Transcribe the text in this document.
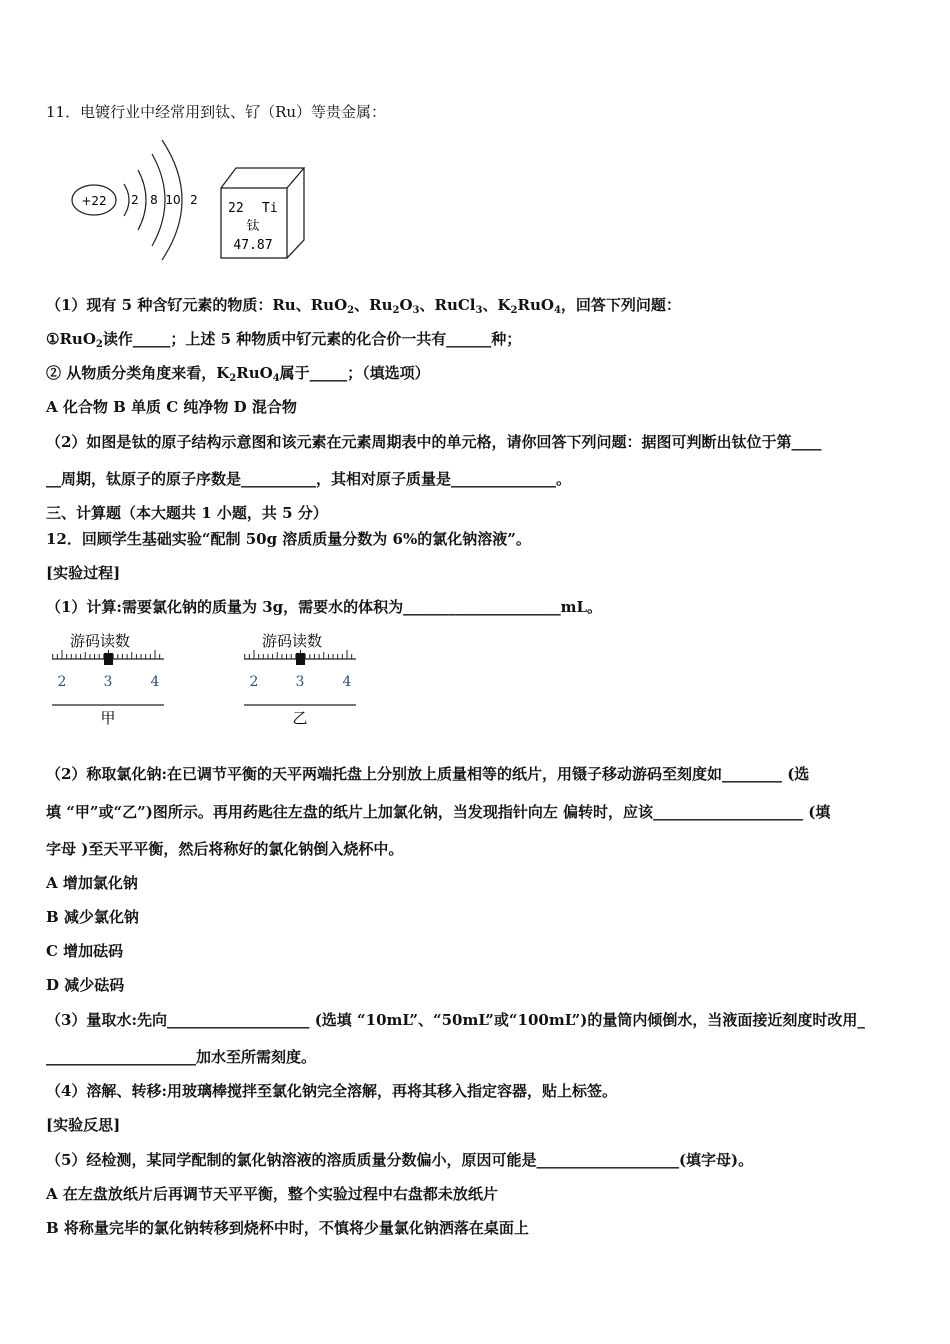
11．电镀行业中经常用到钛、钌（Ru）等贵金属：
+22 2 8 10 2
22 Ti
钛
47.87
（1）现有 5 种含钌元素的物质：Ru、RuO$_2$、$Ru_2O_3$、RuCl$_3$、$K_2RuO_4$，回答下列问题：
①RuO$_2$读作_____；上述 5 种物质中钌元素的化合价一共有______种；
② 从物质分类角度来看，$K_2RuO_4$属于_____；（填选项）
A 化合物 B 单质 C 纯净物 D 混合物
（2）如图是钛的原子结构示意图和该元素在元素周期表中的单元格，请你回答下列问题：据图可判断出钛位于第____
__周期，钛原子的原子序数是__________，其相对原子质量是______________。
三、计算题（本大题共 1 小题，共 5 分）
12．回顾学生基础实验“配制 50g 溶质质量分数为 6%的氯化钠溶液”。
[实验过程]
（1）计算:需要氯化钠的质量为 3g，需要水的体积为_____________________mL。
游码读数
2	3	4
甲
游码读数
2	3	4
乙
（2）称取氯化钠:在已调节平衡的天平两端托盘上分别放上质量相等的纸片，用镊子移动游码至刻度如________ (选
填 “甲”或“乙”)图所示。再用药匙往左盘的纸片上加氯化钠，当发现指针向左 偏转时，应该____________________ (填
字母 )至天平平衡，然后将称好的氯化钠倒入烧杯中。
A 增加氯化钠
B 减少氯化钠
C 增加砝码
D 减少砝码
（3）量取水:先向___________________ (选填 “10mL”、“50mL”或“100mL”)的量筒内倾倒水，当液面接近刻度时改用_
____________________加水至所需刻度。
（4）溶解、转移:用玻璃棒搅拌至氯化钠完全溶解，再将其移入指定容器，贴上标签。
[实验反思]
（5）经检测，某同学配制的氯化钠溶液的溶质质量分数偏小，原因可能是___________________(填字母)。
A 在左盘放纸片后再调节天平平衡，整个实验过程中右盘都未放纸片
B 将称量完毕的氯化钠转移到烧杯中时，不慎将少量氯化钠洒落在桌面上
